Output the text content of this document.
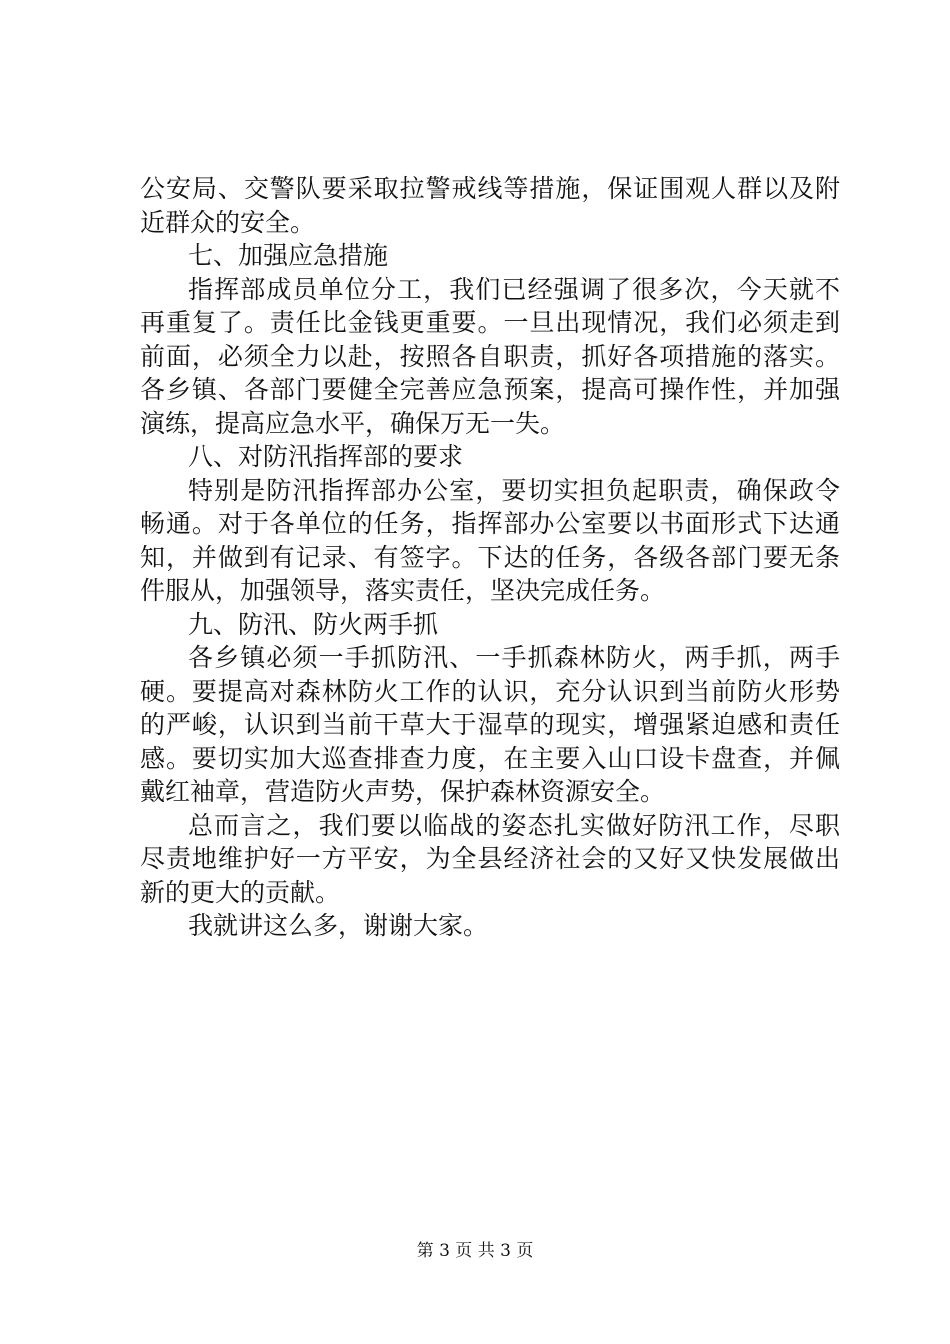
公安局、交警队要采取拉警戒线等措施，保证围观人群以及附
近群众的安全。
七、加强应急措施
指挥部成员单位分工，我们已经强调了很多次，今天就不
再重复了。责任比金钱更重要。一旦出现情况，我们必须走到
前面，必须全力以赴，按照各自职责，抓好各项措施的落实。
各乡镇、各部门要健全完善应急预案，提高可操作性，并加强
演练，提高应急水平，确保万无一失。
八、对防汛指挥部的要求
特别是防汛指挥部办公室，要切实担负起职责，确保政令
畅通。对于各单位的任务，指挥部办公室要以书面形式下达通
知，并做到有记录、有签字。下达的任务，各级各部门要无条
件服从，加强领导，落实责任，坚决完成任务。
九、防汛、防火两手抓
各乡镇必须一手抓防汛、一手抓森林防火，两手抓，两手
硬。要提高对森林防火工作的认识，充分认识到当前防火形势
的严峻，认识到当前干草大于湿草的现实，增强紧迫感和责任
感。要切实加大巡查排查力度，在主要入山口设卡盘查，并佩
戴红袖章，营造防火声势，保护森林资源安全。
总而言之，我们要以临战的姿态扎实做好防汛工作，尽职
尽责地维护好一方平安，为全县经济社会的又好又快发展做出
新的更大的贡献。
我就讲这么多，谢谢大家。
第 3 页 共 3 页
